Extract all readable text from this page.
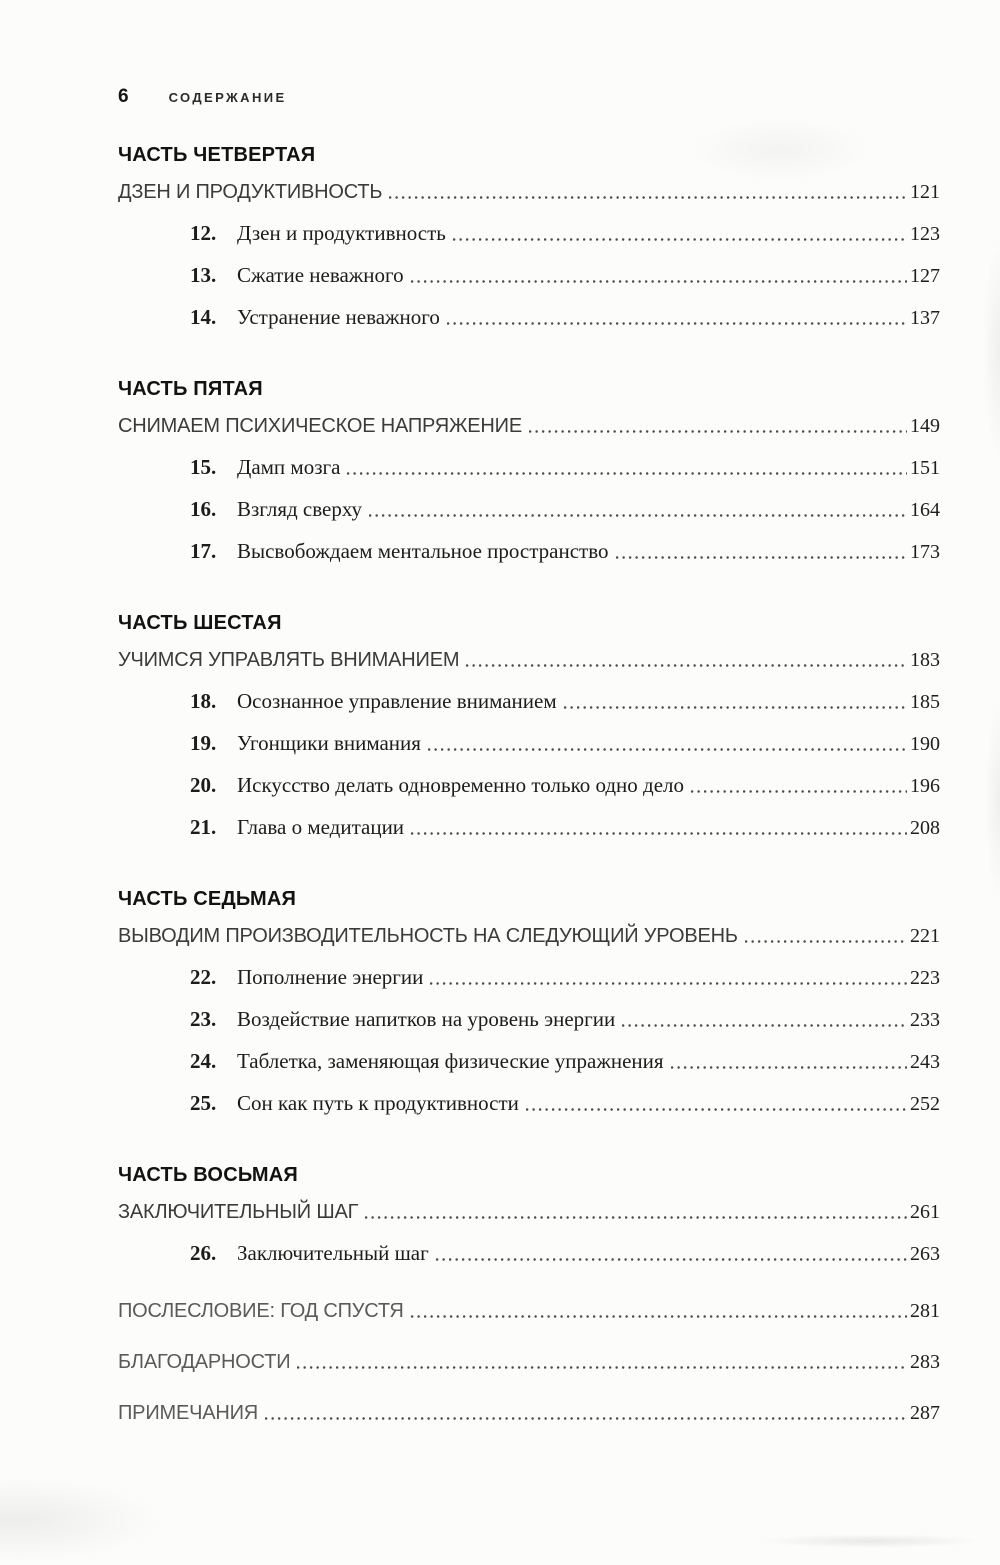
6	СОДЕРЖАНИЕ
ЧАСТЬ ЧЕТВЕРТАЯ
ДЗЕН И ПРОДУКТИВНОСТЬ	121
12. Дзен и продуктивность	123
13. Сжатие неважного	127
14. Устранение неважного	137
ЧАСТЬ ПЯТАЯ
СНИМАЕМ ПСИХИЧЕСКОЕ НАПРЯЖЕНИЕ	149
15. Дамп мозга	151
16. Взгляд сверху	164
17. Высвобождаем ментальное пространство	173
ЧАСТЬ ШЕСТАЯ
УЧИМСЯ УПРАВЛЯТЬ ВНИМАНИЕМ	183
18. Осознанное управление вниманием	185
19. Угонщики внимания	190
20. Искусство делать одновременно только одно дело	196
21. Глава о медитации	208
ЧАСТЬ СЕДЬМАЯ
ВЫВОДИМ ПРОИЗВОДИТЕЛЬНОСТЬ НА СЛЕДУЮЩИЙ УРОВЕНЬ	221
22. Пополнение энергии	223
23. Воздействие напитков на уровень энергии	233
24. Таблетка, заменяющая физические упражнения	243
25. Сон как путь к продуктивности	252
ЧАСТЬ ВОСЬМАЯ
ЗАКЛЮЧИТЕЛЬНЫЙ ШАГ	261
26. Заключительный шаг	263
ПОСЛЕСЛОВИЕ: ГОД СПУСТЯ	281
БЛАГОДАРНОСТИ	283
ПРИМЕЧАНИЯ	287
